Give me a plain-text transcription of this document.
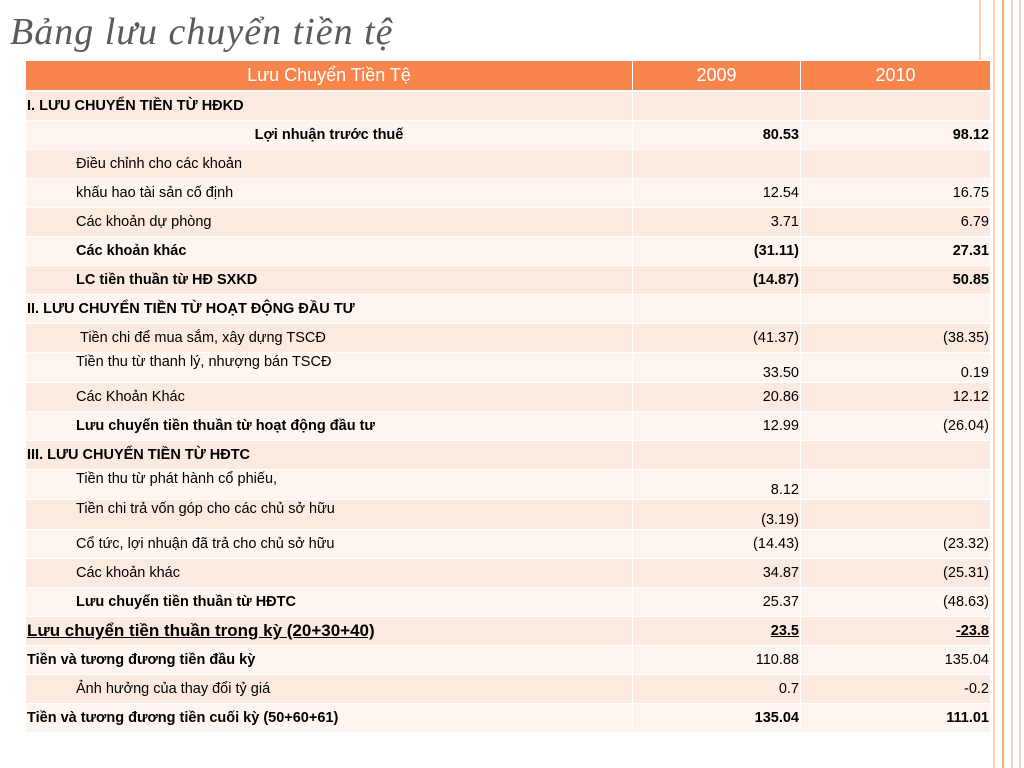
Bảng lưu chuyển tiền tệ
Lưu Chuyển Tiền Tệ	2009	2010
I. LƯU CHUYỂN TIỀN TỪ HĐKD		
Lợi nhuận trước thuế	80.53	98.12
Điều chỉnh cho các khoản		
khấu hao tài sản cố định	12.54	16.75
Các khoản dự phòng	3.71	6.79
Các khoản khác	(31.11)	27.31
LC tiền thuần từ HĐ SXKD	(14.87)	50.85
II. LƯU CHUYỂN TIỀN TỪ HOẠT ĐỘNG ĐẦU TƯ		
Tiền chi để mua sắm, xây dựng TSCĐ	(41.37)	(38.35)
Tiền thu từ thanh lý, nhượng bán TSCĐ	33.50	0.19
Các Khoản Khác	20.86	12.12
Lưu chuyển tiền thuần từ hoạt động đầu tư	12.99	(26.04)
III. LƯU CHUYỂN TIỀN TỪ HĐTC		
Tiền thu từ phát hành cổ phiếu,	8.12	
Tiền chi trả vốn góp cho các chủ sở hữu	(3.19)	
Cổ tức, lợi nhuận đã trả cho chủ sở hữu	(14.43)	(23.32)
Các khoản khác	34.87	(25.31)
Lưu chuyển tiền thuần từ HĐTC	25.37	(48.63)
Lưu chuyển tiền thuần trong kỳ (20+30+40)	23.5	-23.8
Tiền và tương đương tiền đầu kỳ	110.88	135.04
Ảnh hưởng của thay đổi tỷ giá	0.7	-0.2
Tiền và tương đương tiền cuối kỳ (50+60+61)	135.04	111.01
